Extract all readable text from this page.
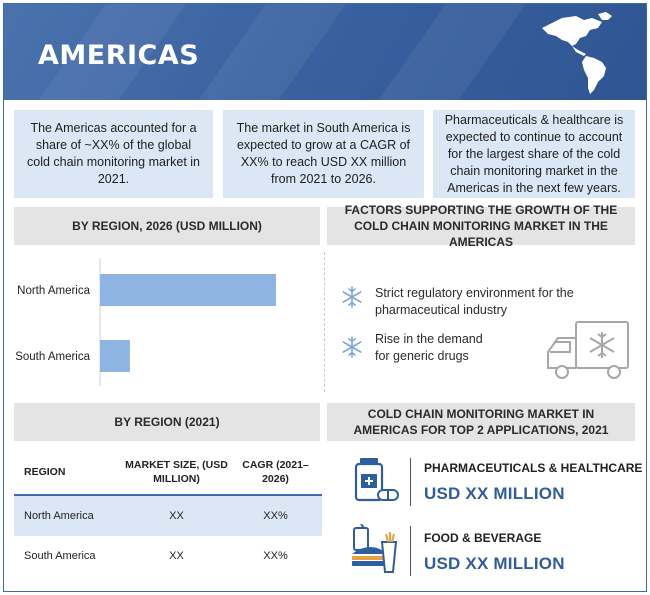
AMERICAS
The Americas accounted for a share of ~XX% of the global cold chain monitoring market in 2021.
The market in South America is expected to grow at a CAGR of XX% to reach USD XX million from 2021 to 2026.
Pharmaceuticals & healthcare is expected to continue to account for the largest share of the cold chain monitoring market in the Americas in the next few years.
BY REGION, 2026 (USD MILLION)
FACTORS SUPPORTING THE GROWTH OF THE COLD CHAIN MONITORING MARKET IN THE AMERICAS
North America
South America
Strict regulatory environment for the pharmaceutical industry
Rise in the demand for generic drugs
BY REGION (2021)
COLD CHAIN MONITORING MARKET IN AMERICAS FOR TOP 2 APPLICATIONS, 2021
REGION
MARKET SIZE, (USD MILLION)
CAGR (2021–2026)
North America	XX	XX%
South America	XX	XX%
PHARMACEUTICALS & HEALTHCARE
USD XX MILLION
FOOD & BEVERAGE
USD XX MILLION
